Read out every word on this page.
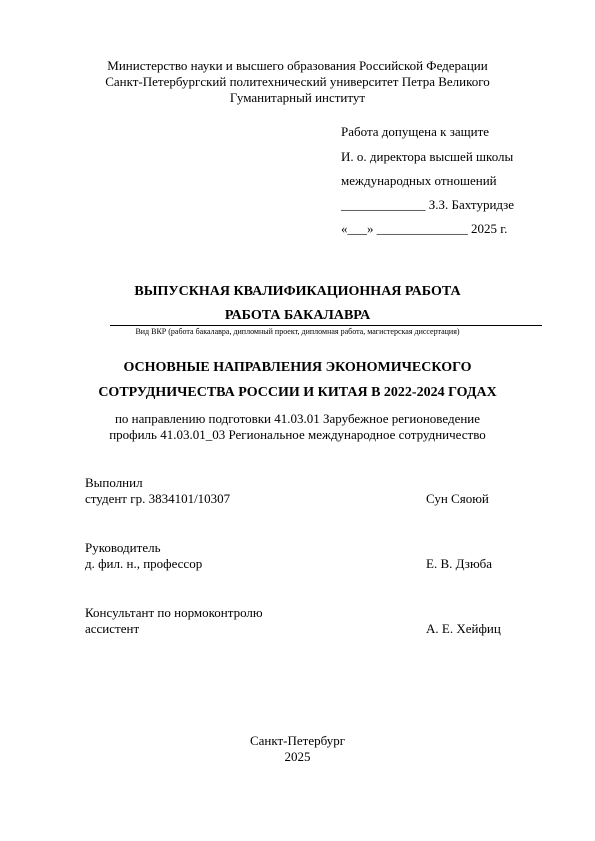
Министерство науки и высшего образования Российской Федерации
Санкт-Петербургский политехнический университет Петра Великого
Гуманитарный институт
Работа допущена к защите
И. о. директора высшей школы
международных отношений
_____________ З.З. Бахтуридзе
«___» ______________ 2025 г.
ВЫПУСКНАЯ КВАЛИФИКАЦИОННАЯ РАБОТА
РАБОТА БАКАЛАВРА
Вид ВКР (работа бакалавра, дипломный проект, дипломная работа, магистерская диссертация)
ОСНОВНЫЕ НАПРАВЛЕНИЯ ЭКОНОМИЧЕСКОГО
СОТРУДНИЧЕСТВА РОССИИ И КИТАЯ В 2022-2024 ГОДАХ
по направлению подготовки 41.03.01 Зарубежное регионоведение
профиль 41.03.01_03 Региональное международное сотрудничество
Выполнил
студент гр. 3834101/10307	Сун Сяоюй
Руководитель
д. фил. н., профессор	Е. В. Дзюба
Консультант по нормоконтролю
ассистент	А. Е. Хейфиц
Санкт-Петербург
2025
